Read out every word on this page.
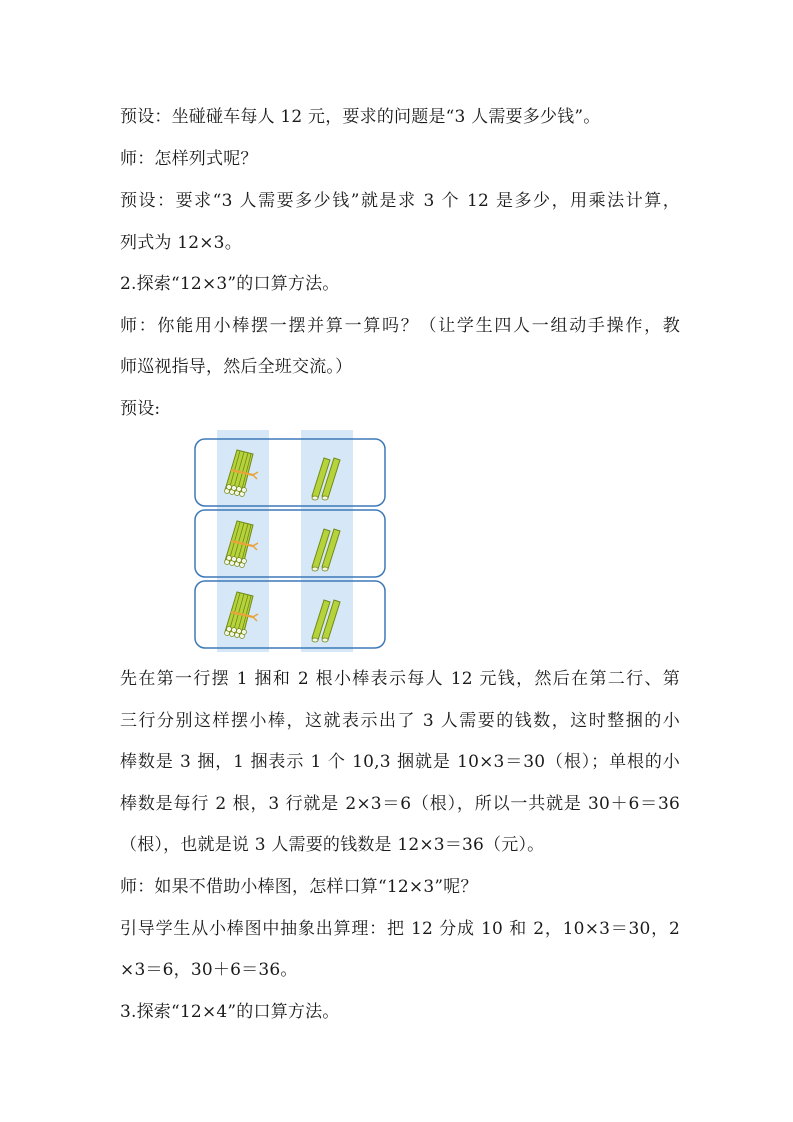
预设：坐碰碰车每人 12 元，要求的问题是“3 人需要多少钱”。
师：怎样列式呢？
预设：要求“3 人需要多少钱”就是求 3 个 12 是多少，用乘法计算，
列式为 12×3。
2.探索“12×3”的口算方法。
师：你能用小棒摆一摆并算一算吗？（让学生四人一组动手操作，教
师巡视指导，然后全班交流。）
预设:
先在第一行摆 1 捆和 2 根小棒表示每人 12 元钱，然后在第二行、第
三行分别这样摆小棒，这就表示出了 3 人需要的钱数，这时整捆的小
棒数是 3 捆，1 捆表示 1 个 10,3 捆就是 10×3＝30（根）；单根的小
棒数是每行 2 根，3 行就是 2×3＝6（根），所以一共就是 30＋6＝36
（根），也就是说 3 人需要的钱数是 12×3＝36（元）。
师：如果不借助小棒图，怎样口算“12×3”呢？
引导学生从小棒图中抽象出算理：把 12 分成 10 和 2，10×3＝30，2
×3＝6，30＋6＝36。
3.探索“12×4”的口算方法。
